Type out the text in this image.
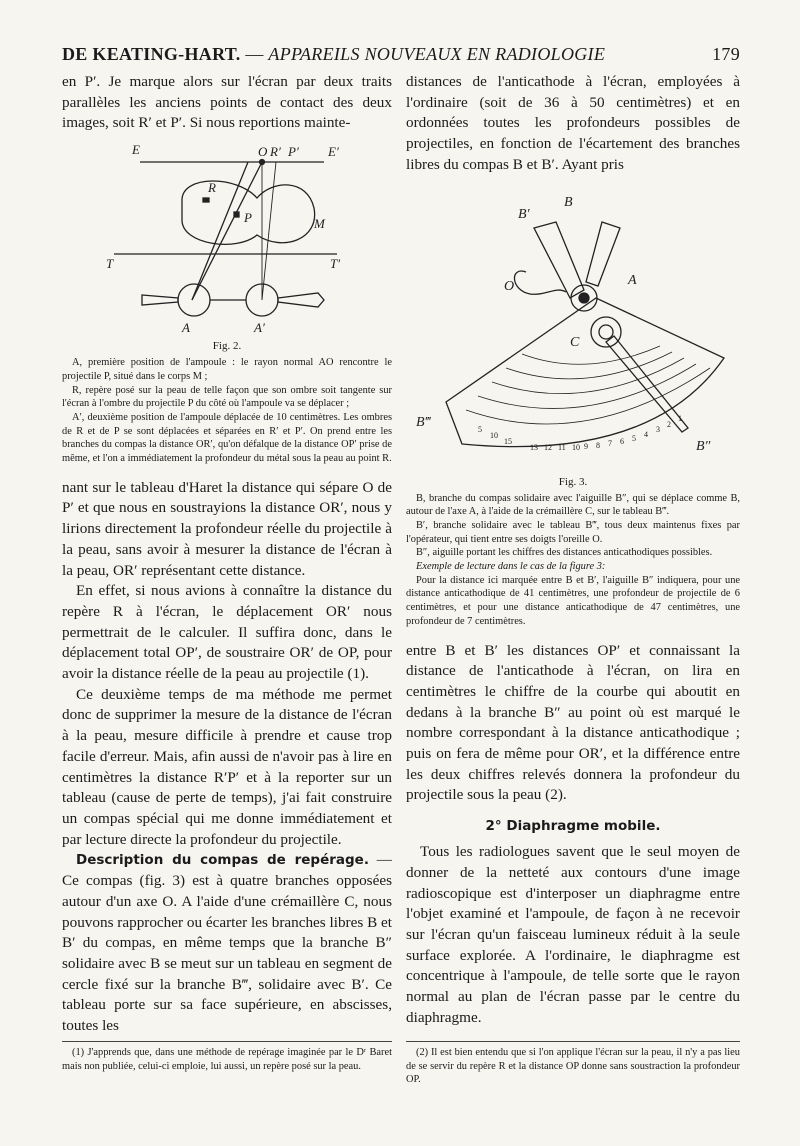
DE KEATING-HART. — APPAREILS NOUVEAUX EN RADIOLOGIE	179

en P′. Je marque alors sur l'écran par deux traits parallèles les anciens points de contact des deux images, soit R′ et P′. Si nous reportions mainte-

E	O R′ P′ E′
R
P	M
T	T′
A	A′
Fig. 2.

A, première position de l'ampoule : le rayon normal AO rencontre le projectile P, situé dans le corps M ;

R, repère posé sur la peau de telle façon que son ombre soit tangente sur l'écran à l'ombre du projectile P du côté où l'ampoule va se déplacer ;

A′, deuxième position de l'ampoule déplacée de 10 centimètres. Les ombres de R et de P se sont déplacées et séparées en R′ et P′. On prend entre les branches du compas la distance OR′, qu'on défalque de la distance OP′ prise de même, et l'on a immédiatement la profondeur du métal sous la peau au point R.

nant sur le tableau d'Haret la distance qui sépare O de P′ et que nous en soustrayions la distance OR′, nous y lirions directement la profondeur réelle du projectile à la peau, sans avoir à mesurer la distance de l'écran à la peau, OR′ représentant cette distance.

En effet, si nous avions à connaître la distance du repère R à l'écran, le déplacement OR′ nous permettrait de le calculer. Il suffira donc, dans le déplacement total OP′, de soustraire OR′ de OP, pour avoir la distance réelle de la peau au projectile (1).

Ce deuxième temps de ma méthode me permet donc de supprimer la mesure de la distance de l'écran à la peau, mesure difficile à prendre et cause trop facile d'erreur. Mais, afin aussi de n'avoir pas à lire en centimètres la distance R′P′ et à la reporter sur un tableau (cause de perte de temps), j'ai fait construire un compas spécial qui me donne immédiatement et par lecture directe la profondeur du projectile.

Description du compas de repérage. — Ce compas (fig. 3) est à quatre branches opposées autour d'un axe O. A l'aide d'une crémaillère C, nous pouvons rapprocher ou écarter les branches libres B et B′ du compas, en même temps que la branche B″ solidaire avec B se meut sur un tableau en segment de cercle fixé sur la branche B‴, solidaire avec B′. Ce tableau porte sur sa face supérieure, en abscisses, toutes les

(1) J'apprends que, dans une méthode de repérage imaginée par le Dʳ Baret mais non publiée, celui-ci emploie, lui aussi, un repère posé sur la peau.

distances de l'anticathode à l'écran, employées à l'ordinaire (soit de 36 à 50 centimètres) et en ordonnées toutes les profondeurs possibles de projectiles, en fonction de l'écartement des branches libres du compas B et B′. Ayant pris

B′
B
O	A
C
B‴
B″
5
10
15
13 12 11 10 9 8 7 6 5 4
3
2
1
Fig. 3.

B, branche du compas solidaire avec l'aiguille B″, qui se déplace comme B, autour de l'axe A, à l'aide de la crémaillère C, sur le tableau B‴.

B′, branche solidaire avec le tableau B‴, tous deux maintenus fixes par l'opérateur, qui tient entre ses doigts l'oreille O.

B″, aiguille portant les chiffres des distances anticathodiques possibles.

Exemple de lecture dans le cas de la figure 3:

Pour la distance ici marquée entre B et B′, l'aiguille B″ indiquera, pour une distance anticathodique de 41 centimètres, une profondeur de projectile de 6 centimètres, et pour une distance anticathodique de 47 centimètres, une profondeur de 7 centimètres.

entre B et B′ les distances OP′ et connaissant la distance de l'anticathode à l'écran, on lira en centimètres le chiffre de la courbe qui aboutit en dedans à la branche B″ au point où est marqué le nombre correspondant à la distance anticathodique ; puis on fera de même pour OR′, et la différence entre les deux chiffres relevés donnera la profondeur du projectile sous la peau (2).

2° Diaphragme mobile.

Tous les radiologues savent que le seul moyen de donner de la netteté aux contours d'une image radioscopique est d'interposer un diaphragme entre l'objet examiné et l'ampoule, de façon à ne recevoir sur l'écran qu'un faisceau lumineux réduit à la seule surface explorée. A l'ordinaire, le diaphragme est concentrique à l'ampoule, de telle sorte que le rayon normal au plan de l'écran passe par le centre du diaphragme.

(2) Il est bien entendu que si l'on applique l'écran sur la peau, il n'y a pas lieu de se servir du repère R et la distance OP donne sans soustraction la profondeur OP.
